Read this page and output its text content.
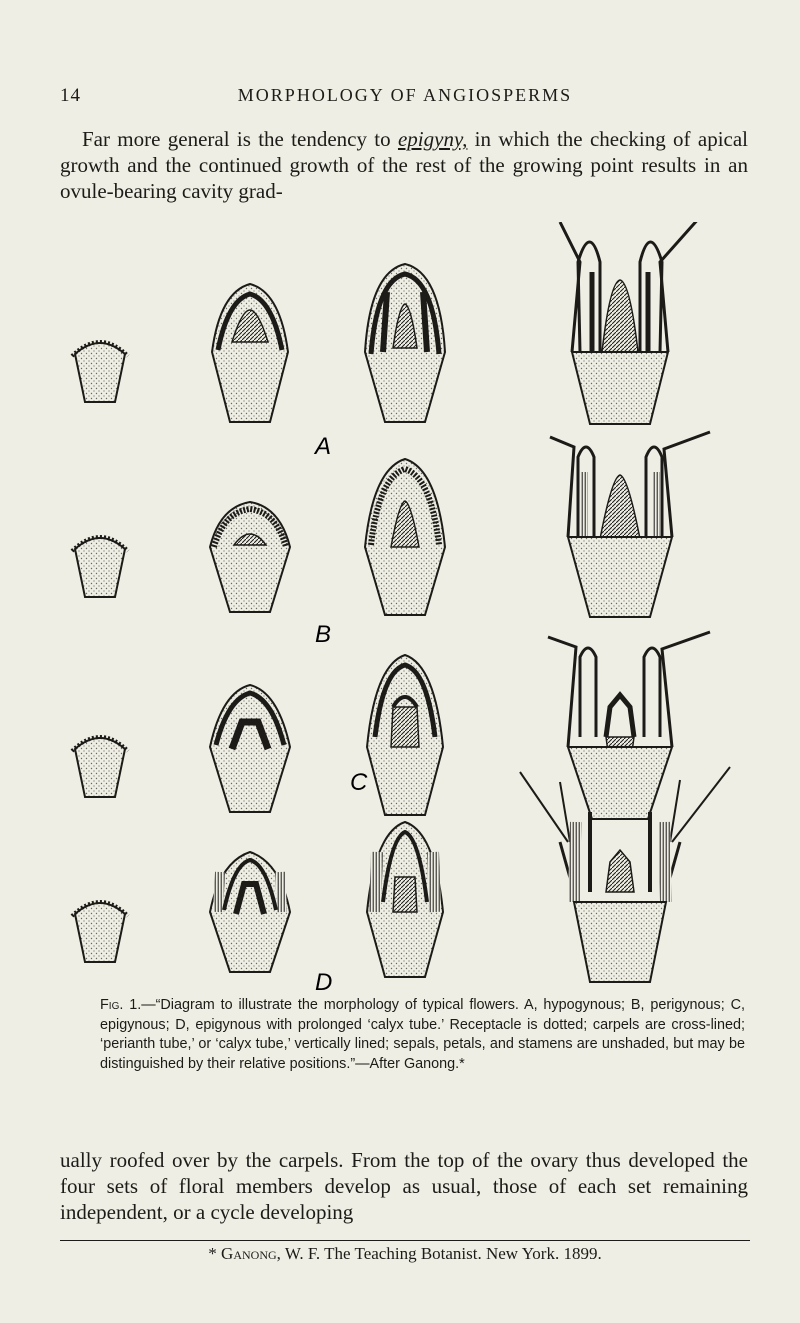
14	MORPHOLOGY OF ANGIOSPERMS

Far more general is the tendency to epigyny, in which the checking of apical growth and the continued growth of the rest of the growing point results in an ovule-bearing cavity grad-

A
B
C
D
Fig. 1.—“Diagram to illustrate the morphology of typical flowers. A, hypogynous; B, perigynous; C, epigynous; D, epigynous with prolonged ‘calyx tube.’ Receptacle is dotted; carpels are cross-lined; ‘perianth tube,’ or ‘calyx tube,’ vertically lined; sepals, petals, and stamens are unshaded, but may be distinguished by their relative positions.”—After Ganong.*

ually roofed over by the carpels. From the top of the ovary thus developed the four sets of floral members develop as usual, those of each set remaining independent, or a cycle developing

* Ganong, W. F. The Teaching Botanist. New York. 1899.
